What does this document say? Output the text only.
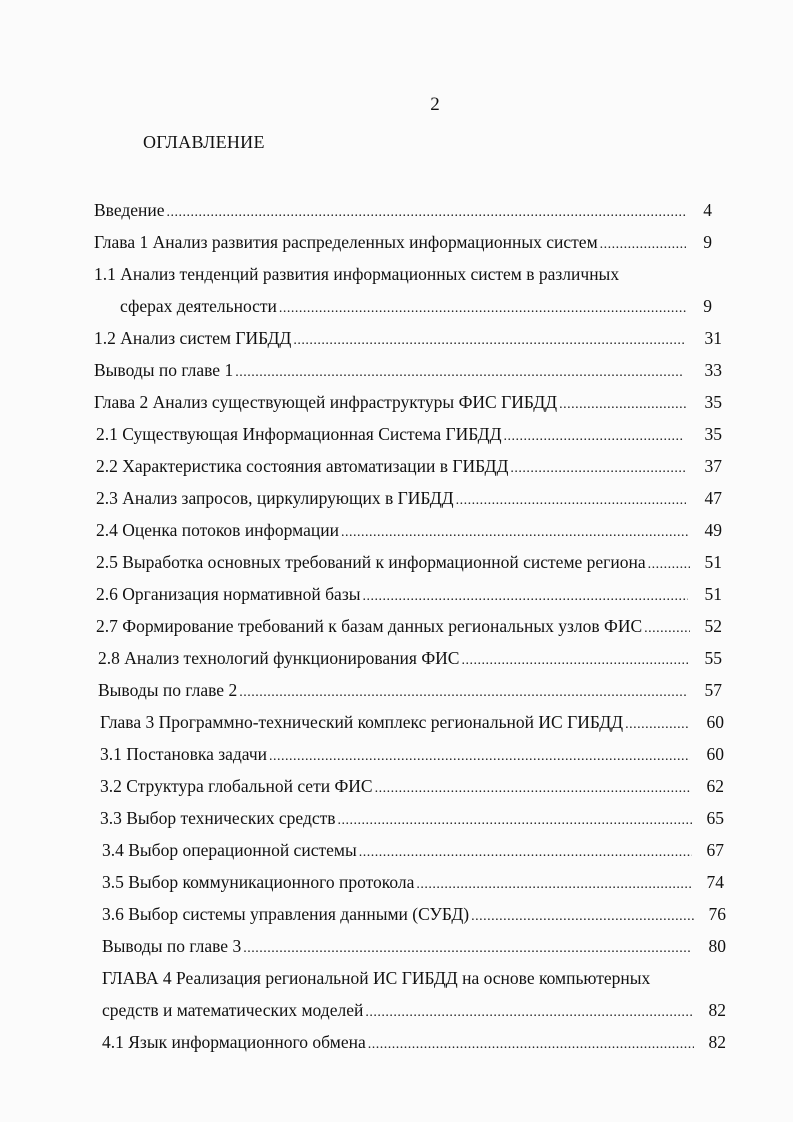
2
ОГЛАВЛЕНИЕ
Введение .....	4
Глава 1 Анализ развития распределенных информационных систем .....	9
1.1 Анализ тенденций развития информационных систем в различных
сферах деятельности .....	9
1.2 Анализ систем ГИБДД .....	31
Выводы по главе 1 .....	33
Глава 2 Анализ существующей инфраструктуры ФИС ГИБДД .....	35
2.1 Существующая Информационная Система ГИБДД .....	35
2.2 Характеристика состояния автоматизации в ГИБДД .....	37
2.3 Анализ запросов, циркулирующих в ГИБДД .....	47
2.4 Оценка потоков информации .....	49
2.5 Выработка основных требований к информационной системе региона .....	51
2.6 Организация нормативной базы .....	51
2.7 Формирование требований к базам данных региональных узлов ФИС .....	52
2.8 Анализ технологий функционирования ФИС .....	55
Выводы по главе 2 .....	57
Глава 3 Программно-технический комплекс региональной ИС ГИБДД .....	60
3.1 Постановка задачи .....	60
3.2 Структура глобальной сети ФИС .....	62
3.3 Выбор технических средств .....	65
3.4 Выбор операционной системы .....	67
3.5 Выбор коммуникационного протокола .....	74
3.6 Выбор системы управления данными (СУБД) .....	76
Выводы по главе 3 .....	80
ГЛАВА 4 Реализация региональной ИС ГИБДД на основе компьютерных
средств и математических моделей .....	82
4.1 Язык информационного обмена .....	82
